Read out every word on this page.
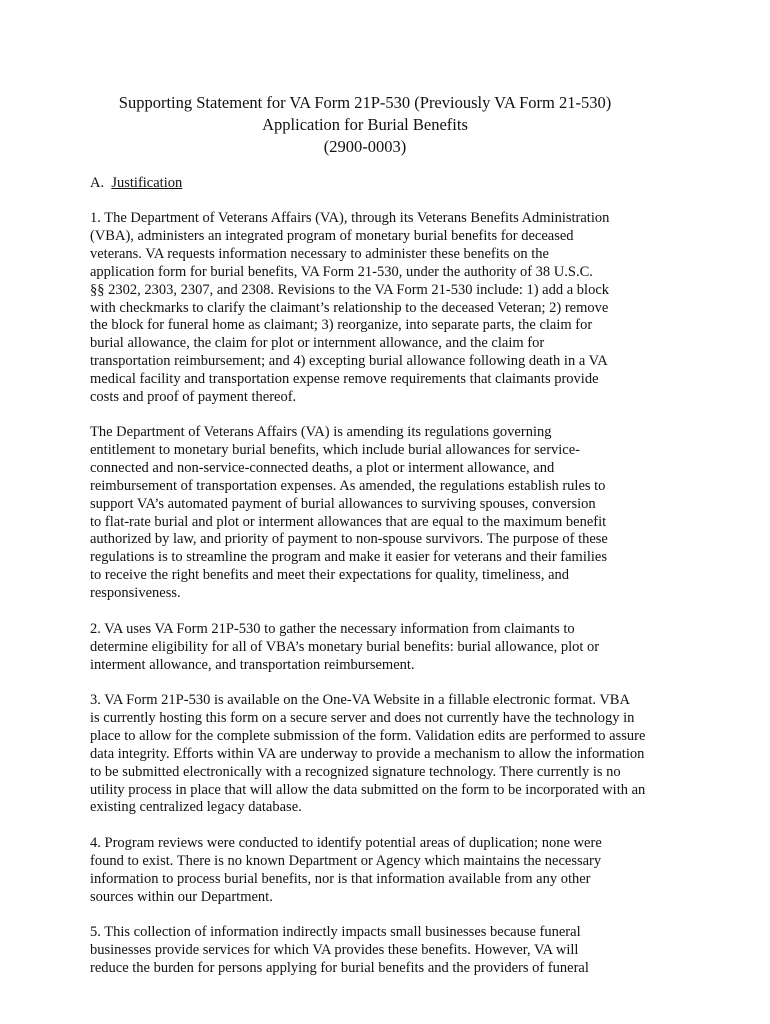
Supporting Statement for VA Form 21P-530 (Previously VA Form 21-530)
Application for Burial Benefits
(2900-0003)
A. Justification
1. The Department of Veterans Affairs (VA), through its Veterans Benefits Administration
(VBA), administers an integrated program of monetary burial benefits for deceased
veterans. VA requests information necessary to administer these benefits on the
application form for burial benefits, VA Form 21-530, under the authority of 38 U.S.C.
§§ 2302, 2303, 2307, and 2308. Revisions to the VA Form 21-530 include: 1) add a block
with checkmarks to clarify the claimant’s relationship to the deceased Veteran; 2) remove
the block for funeral home as claimant; 3) reorganize, into separate parts, the claim for
burial allowance, the claim for plot or internment allowance, and the claim for
transportation reimbursement; and 4) excepting burial allowance following death in a VA
medical facility and transportation expense remove requirements that claimants provide
costs and proof of payment thereof.
The Department of Veterans Affairs (VA) is amending its regulations governing
entitlement to monetary burial benefits, which include burial allowances for service-
connected and non-service-connected deaths, a plot or interment allowance, and
reimbursement of transportation expenses. As amended, the regulations establish rules to
support VA’s automated payment of burial allowances to surviving spouses, conversion
to flat-rate burial and plot or interment allowances that are equal to the maximum benefit
authorized by law, and priority of payment to non-spouse survivors. The purpose of these
regulations is to streamline the program and make it easier for veterans and their families
to receive the right benefits and meet their expectations for quality, timeliness, and
responsiveness.
2. VA uses VA Form 21P-530 to gather the necessary information from claimants to
determine eligibility for all of VBA’s monetary burial benefits: burial allowance, plot or
interment allowance, and transportation reimbursement.
3. VA Form 21P-530 is available on the One-VA Website in a fillable electronic format. VBA
is currently hosting this form on a secure server and does not currently have the technology in
place to allow for the complete submission of the form. Validation edits are performed to assure
data integrity. Efforts within VA are underway to provide a mechanism to allow the information
to be submitted electronically with a recognized signature technology. There currently is no
utility process in place that will allow the data submitted on the form to be incorporated with an
existing centralized legacy database.
4. Program reviews were conducted to identify potential areas of duplication; none were
found to exist. There is no known Department or Agency which maintains the necessary
information to process burial benefits, nor is that information available from any other
sources within our Department.
5. This collection of information indirectly impacts small businesses because funeral
businesses provide services for which VA provides these benefits. However, VA will
reduce the burden for persons applying for burial benefits and the providers of funeral
